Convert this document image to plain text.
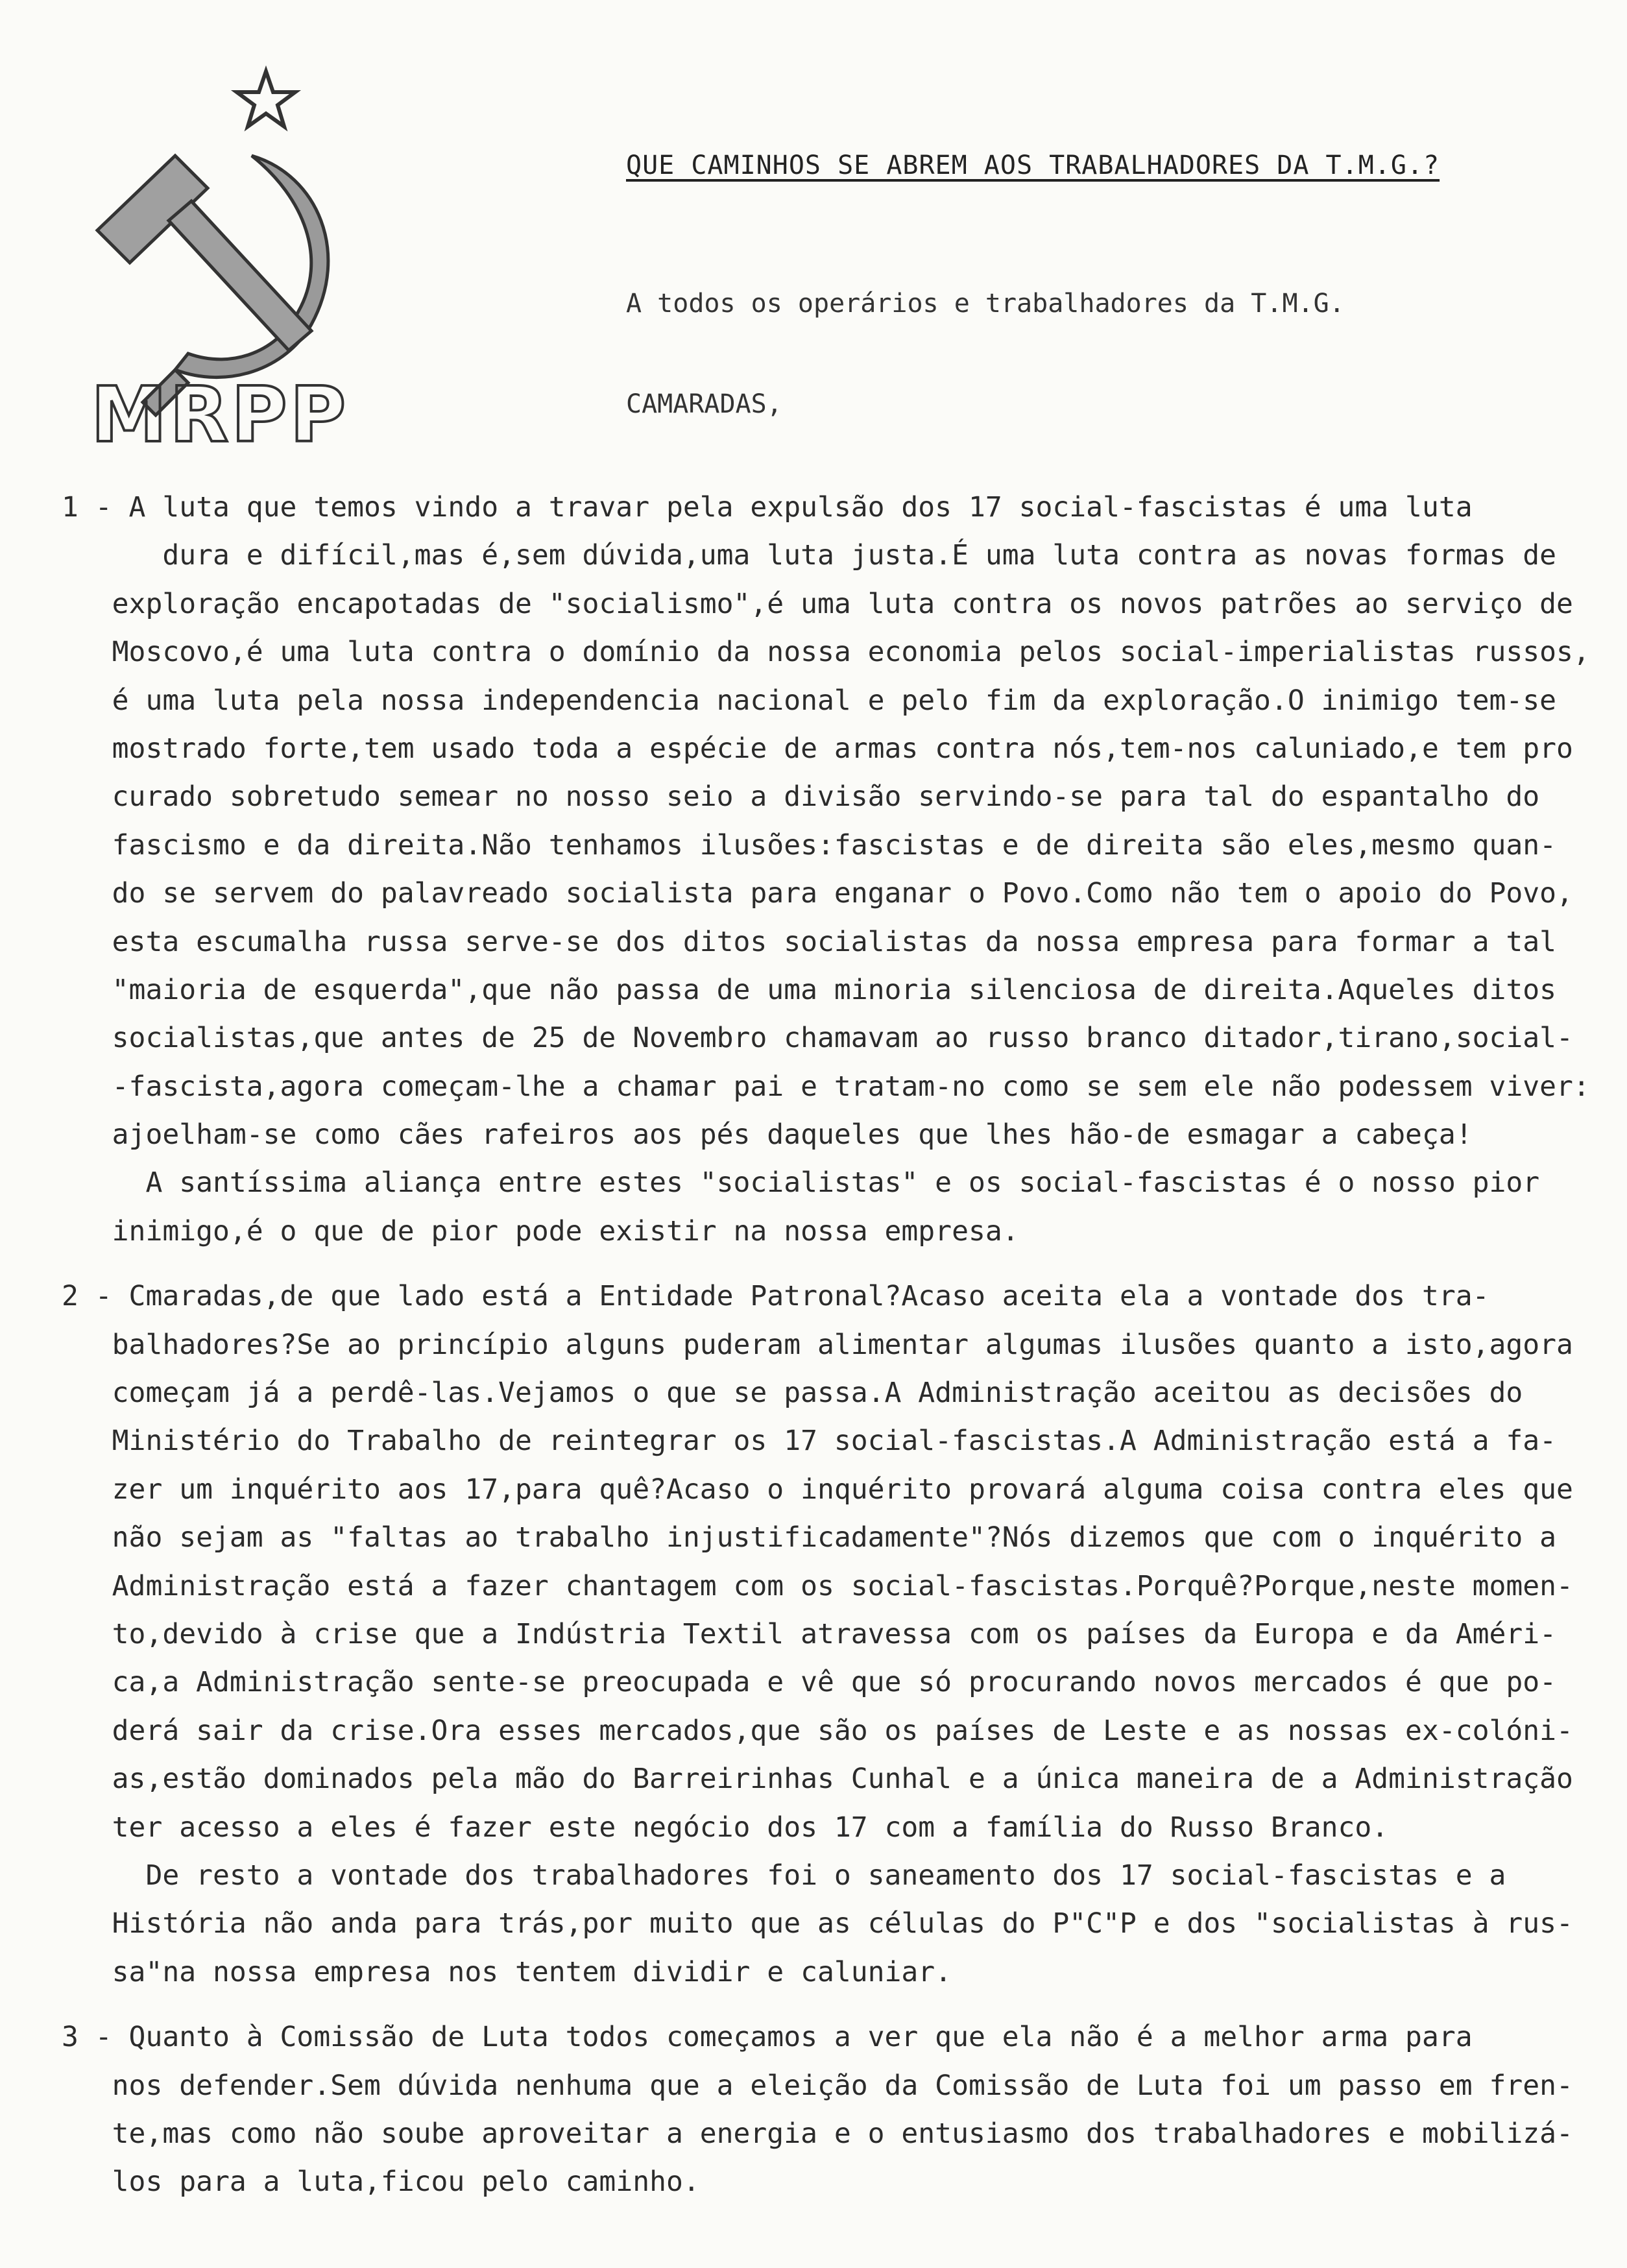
MRPP
QUE CAMINHOS SE ABREM AOS TRABALHADORES DA T.M.G.?
A todos os operários e trabalhadores da T.M.G.
CAMARADAS,
1 - A luta que temos vindo a travar pela expulsão dos 17 social-fascistas é uma luta
dura e difícil,mas é,sem dúvida,uma luta justa.É uma luta contra as novas formas de
exploração encapotadas de "socialismo",é uma luta contra os novos patrões ao serviço de
Moscovo,é uma luta contra o domínio da nossa economia pelos social-imperialistas russos,
é uma luta pela nossa independencia nacional e pelo fim da exploração.O inimigo tem-se
mostrado forte,tem usado toda a espécie de armas contra nós,tem-nos caluniado,e tem pro
curado sobretudo semear no nosso seio a divisão servindo-se para tal do espantalho do
fascismo e da direita.Não tenhamos ilusões:fascistas e de direita são eles,mesmo quan-
do se servem do palavreado socialista para enganar o Povo.Como não tem o apoio do Povo,
esta escumalha russa serve-se dos ditos socialistas da nossa empresa para formar a tal
"maioria de esquerda",que não passa de uma minoria silenciosa de direita.Aqueles ditos
socialistas,que antes de 25 de Novembro chamavam ao russo branco ditador,tirano,social-
-fascista,agora começam-lhe a chamar pai e tratam-no como se sem ele não podessem viver:
ajoelham-se como cães rafeiros aos pés daqueles que lhes hão-de esmagar a cabeça!
A santíssima aliança entre estes "socialistas" e os social-fascistas é o nosso pior
inimigo,é o que de pior pode existir na nossa empresa.
2 - Cmaradas,de que lado está a Entidade Patronal?Acaso aceita ela a vontade dos tra-
balhadores?Se ao princípio alguns puderam alimentar algumas ilusões quanto a isto,agora
começam já a perdê-las.Vejamos o que se passa.A Administração aceitou as decisões do
Ministério do Trabalho de reintegrar os 17 social-fascistas.A Administração está a fa-
zer um inquérito aos 17,para quê?Acaso o inquérito provará alguma coisa contra eles que
não sejam as "faltas ao trabalho injustificadamente"?Nós dizemos que com o inquérito a
Administração está a fazer chantagem com os social-fascistas.Porquê?Porque,neste momen-
to,devido à crise que a Indústria Textil atravessa com os países da Europa e da Améri-
ca,a Administração sente-se preocupada e vê que só procurando novos mercados é que po-
derá sair da crise.Ora esses mercados,que são os países de Leste e as nossas ex-colóni-
as,estão dominados pela mão do Barreirinhas Cunhal e a única maneira de a Administração
ter acesso a eles é fazer este negócio dos 17 com a família do Russo Branco.
De resto a vontade dos trabalhadores foi o saneamento dos 17 social-fascistas e a
História não anda para trás,por muito que as células do P"C"P e dos "socialistas à rus-
sa"na nossa empresa nos tentem dividir e caluniar.
3 - Quanto à Comissão de Luta todos começamos a ver que ela não é a melhor arma para
nos defender.Sem dúvida nenhuma que a eleição da Comissão de Luta foi um passo em fren-
te,mas como não soube aproveitar a energia e o entusiasmo dos trabalhadores e mobilizá-
los para a luta,ficou pelo caminho.
